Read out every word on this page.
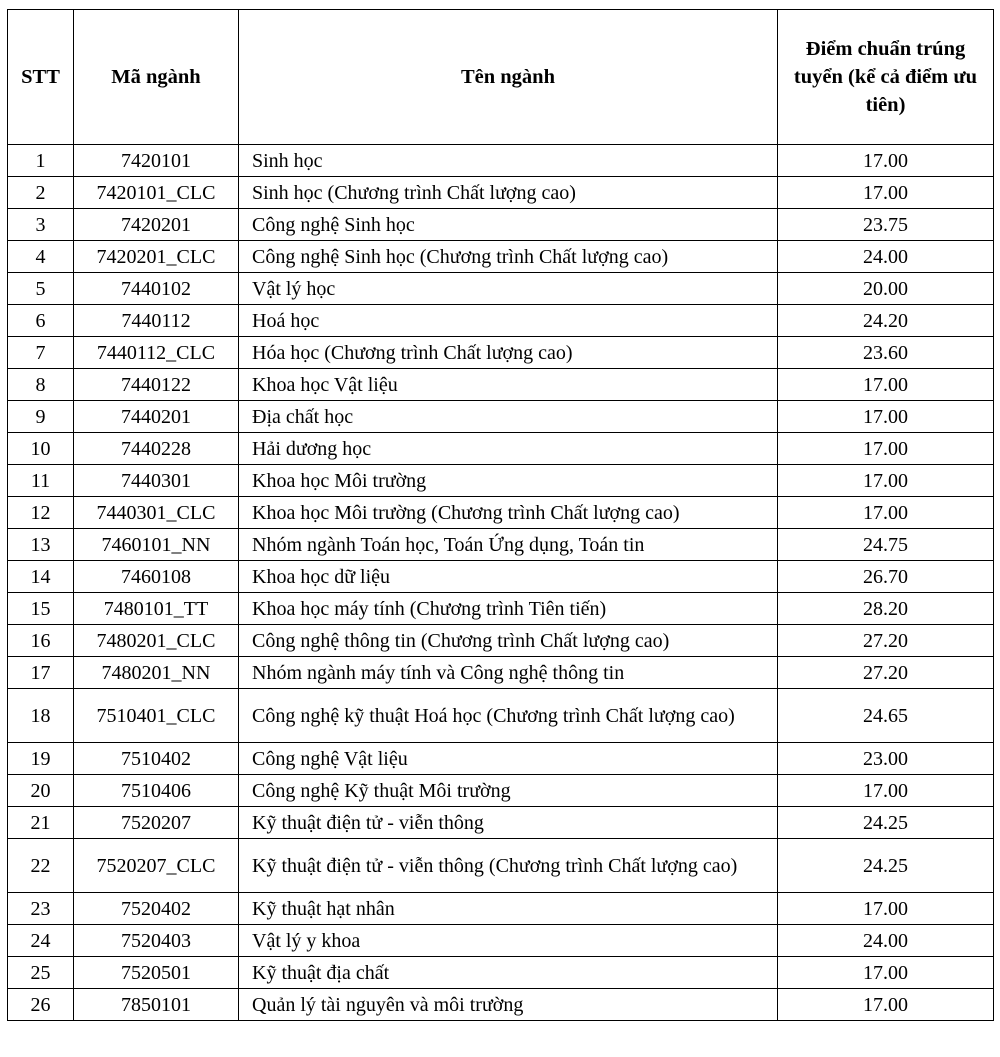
STT	Mã ngành	Tên ngành	Điểm chuẩn trúng tuyển (kể cả điểm ưu tiên)
1	7420101	Sinh học	17.00
2	7420101_CLC	Sinh học (Chương trình Chất lượng cao)	17.00
3	7420201	Công nghệ Sinh học	23.75
4	7420201_CLC	Công nghệ Sinh học (Chương trình Chất lượng cao)	24.00
5	7440102	Vật lý học	20.00
6	7440112	Hoá học	24.20
7	7440112_CLC	Hóa học (Chương trình Chất lượng cao)	23.60
8	7440122	Khoa học Vật liệu	17.00
9	7440201	Địa chất học	17.00
10	7440228	Hải dương học	17.00
11	7440301	Khoa học Môi trường	17.00
12	7440301_CLC	Khoa học Môi trường (Chương trình Chất lượng cao)	17.00
13	7460101_NN	Nhóm ngành Toán học, Toán Ứng dụng, Toán tin	24.75
14	7460108	Khoa học dữ liệu	26.70
15	7480101_TT	Khoa học máy tính (Chương trình Tiên tiến)	28.20
16	7480201_CLC	Công nghệ thông tin (Chương trình Chất lượng cao)	27.20
17	7480201_NN	Nhóm ngành máy tính và Công nghệ thông tin	27.20
18	7510401_CLC	Công nghệ kỹ thuật Hoá học (Chương trình Chất lượng cao)	24.65
19	7510402	Công nghệ Vật liệu	23.00
20	7510406	Công nghệ Kỹ thuật Môi trường	17.00
21	7520207	Kỹ thuật điện tử - viễn thông	24.25
22	7520207_CLC	Kỹ thuật điện tử - viễn thông (Chương trình Chất lượng cao)	24.25
23	7520402	Kỹ thuật hạt nhân	17.00
24	7520403	Vật lý y khoa	24.00
25	7520501	Kỹ thuật địa chất	17.00
26	7850101	Quản lý tài nguyên và môi trường	17.00
